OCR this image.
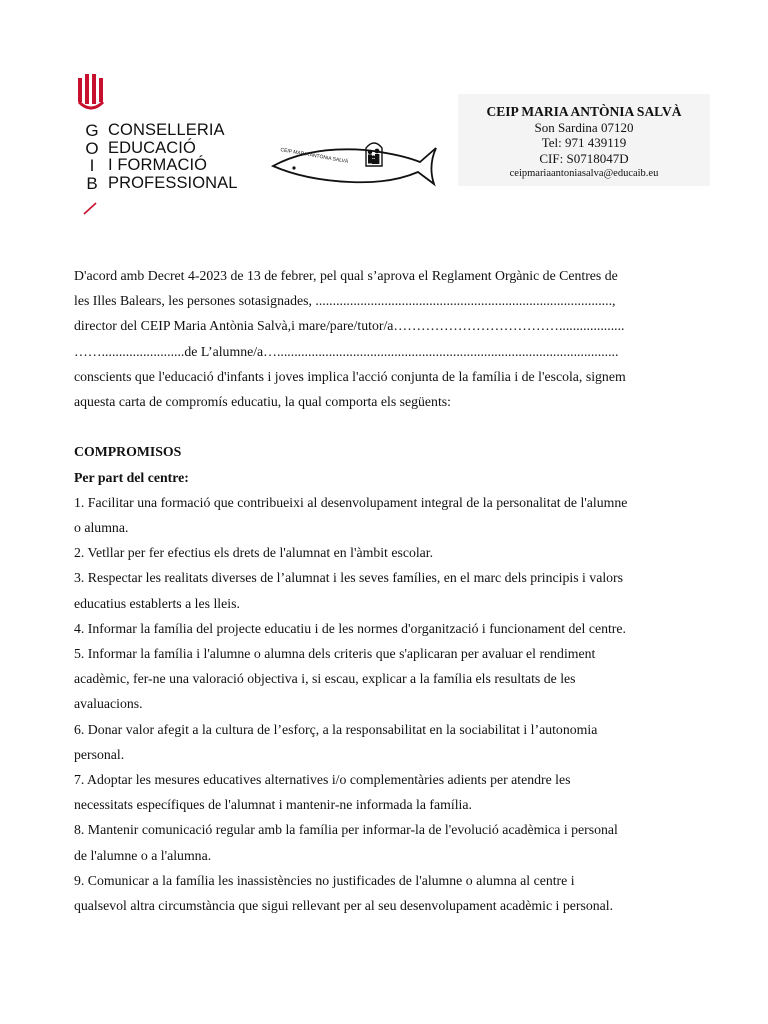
G
O
I
B
CONSELLERIA
EDUCACIÓ
I FORMACIÓ
PROFESSIONAL
CEIP MARIA ANTÒNIA SALVÀ
CEIP MARIA ANTÒNIA SALVÀ
Son Sardina 07120
Tel: 971 439119
CIF: S0718047D
ceipmariaantoniasalva@educaib.eu

D'acord amb Decret 4-2023 de 13 de febrer, pel qual s’aprova el Reglament Orgànic de Centres de

les Illes Balears, les persones sotasignades, ......................................................................................,

director del CEIP Maria Antònia Salvà,i mare/pare/tutor/a………………………………...................

……........................de L’alumne/a…...................................................................................................

conscients que l'educació d'infants i joves implica l'acció conjunta de la família i de l'escola, signem

aquesta carta de compromís educatiu, la qual comporta els següents:

COMPROMISOS

Per part del centre:

1. Facilitar una formació que contribueixi al desenvolupament integral de la personalitat de l'alumne

o alumna.

2. Vetllar per fer efectius els drets de l'alumnat en l'àmbit escolar.

3. Respectar les realitats diverses de l’alumnat i les seves famílies, en el marc dels principis i valors

educatius establerts a les lleis.

4. Informar la família del projecte educatiu i de les normes d'organització i funcionament del centre.

5. Informar la família i l'alumne o alumna dels criteris que s'aplicaran per avaluar el rendiment

acadèmic, fer-ne una valoració objectiva i, si escau, explicar a la família els resultats de les

avaluacions.

6. Donar valor afegit a la cultura de l’esforç, a la responsabilitat en la sociabilitat i l’autonomia

personal.

7. Adoptar les mesures educatives alternatives i/o complementàries adients per atendre les

necessitats específiques de l'alumnat i mantenir-ne informada la família.

8. Mantenir comunicació regular amb la família per informar-la de l'evolució acadèmica i personal

de l'alumne o a l'alumna.

9. Comunicar a la família les inassistències no justificades de l'alumne o alumna al centre i

qualsevol altra circumstància que sigui rellevant per al seu desenvolupament acadèmic i personal.
